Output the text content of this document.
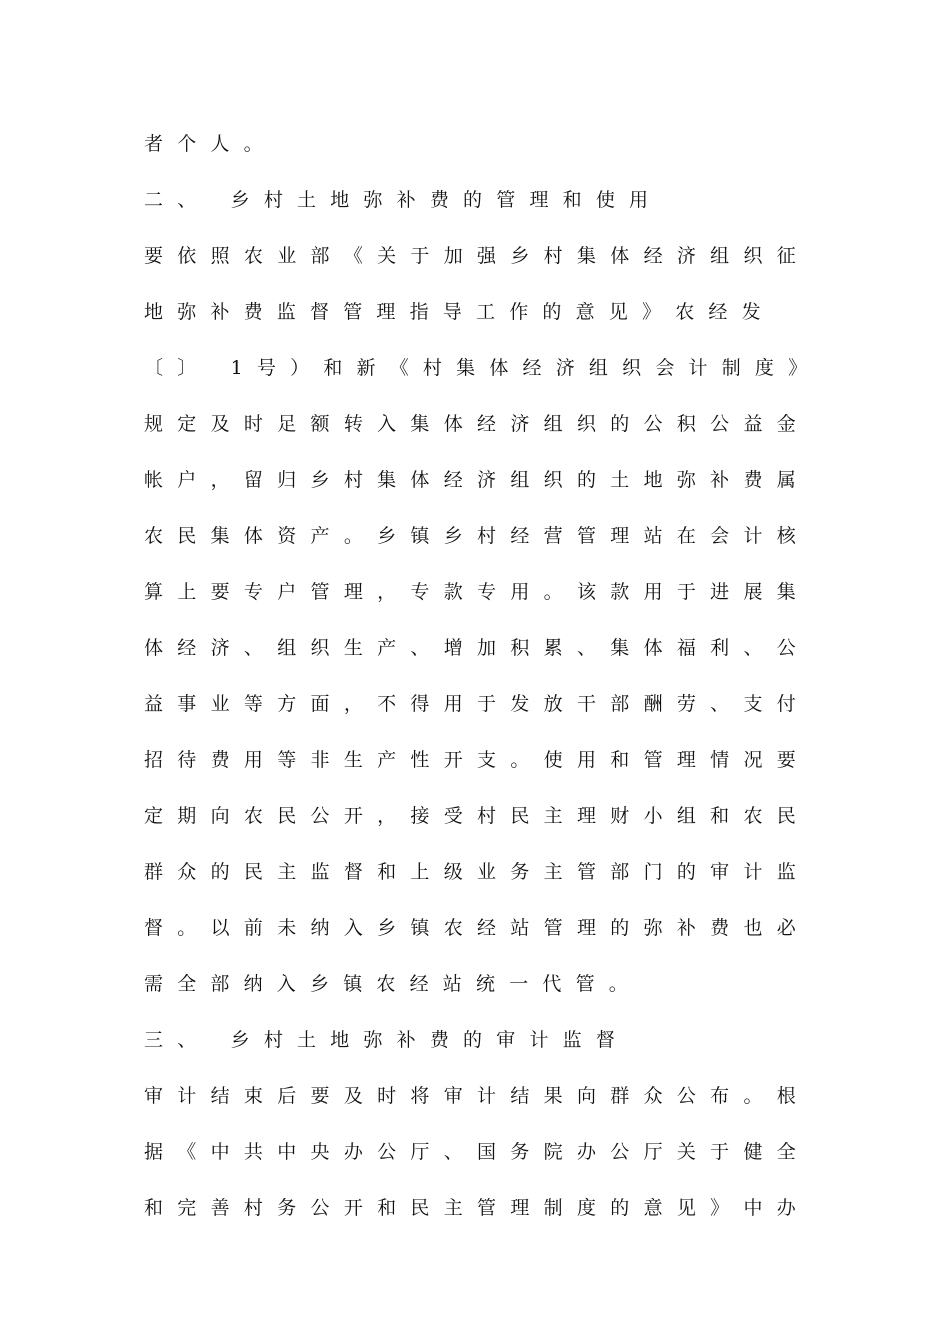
者个人。
二、 乡村土地弥补费的管理和使用
要依照农业部《关于加强乡村集体经济组织征
地弥补费监督管理指导工作的意见》农经发
〔〕 1号）和新《村集体经济组织会计制度》
规定及时足额转入集体经济组织的公积公益金
帐户，留归乡村集体经济组织的土地弥补费属
农民集体资产。乡镇乡村经营管理站在会计核
算上要专户管理，专款专用。该款用于进展集
体经济、组织生产、增加积累、集体福利、公
益事业等方面，不得用于发放干部酬劳、支付
招待费用等非生产性开支。使用和管理情况要
定期向农民公开，接受村民主理财小组和农民
群众的民主监督和上级业务主管部门的审计监
督。以前未纳入乡镇农经站管理的弥补费也必
需全部纳入乡镇农经站统一代管。
三、 乡村土地弥补费的审计监督
审计结束后要及时将审计结果向群众公布。根
据《中共中央办公厅、国务院办公厅关于健全
和完善村务公开和民主管理制度的意见》中办
